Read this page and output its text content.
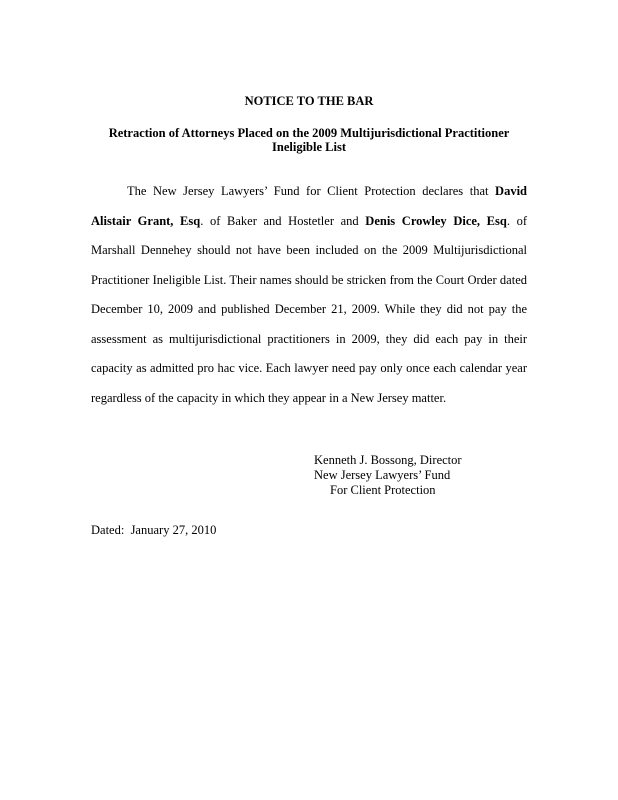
NOTICE TO THE BAR
Retraction of Attorneys Placed on the 2009 Multijurisdictional Practitioner Ineligible List

The New Jersey Lawyers’ Fund for Client Protection declares that David Alistair Grant, Esq. of Baker and Hostetler and Denis Crowley Dice, Esq. of Marshall Dennehey should not have been included on the 2009 Multijurisdictional Practitioner Ineligible List. Their names should be stricken from the Court Order dated December 10, 2009 and published December 21, 2009. While they did not pay the assessment as multijurisdictional practitioners in 2009, they did each pay in their capacity as admitted pro hac vice. Each lawyer need pay only once each calendar year regardless of the capacity in which they appear in a New Jersey matter.

Kenneth J. Bossong, Director
New Jersey Lawyers’ Fund
For Client Protection
Dated:  January 27, 2010
